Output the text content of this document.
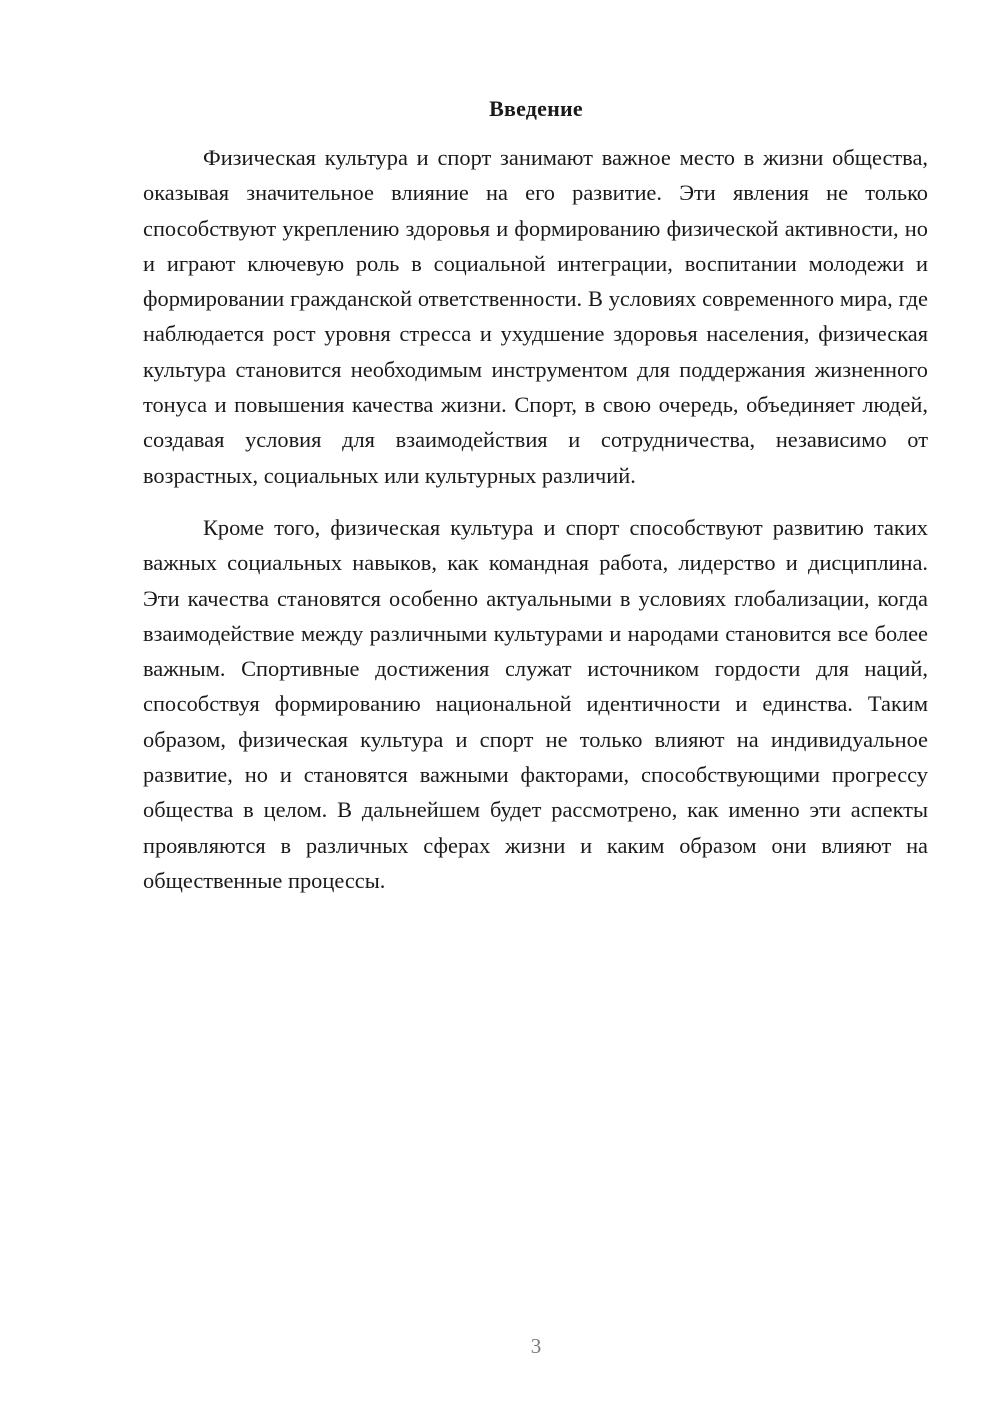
Введение

Физическая культура и спорт занимают важное место в жизни общества, оказывая значительное влияние на его развитие. Эти явления не только способствуют укреплению здоровья и формированию физической активности, но и играют ключевую роль в социальной интеграции, воспитании молодежи и формировании гражданской ответственности. В условиях современного мира, где наблюдается рост уровня стресса и ухудшение здоровья населения, физическая культура становится необходимым инструментом для поддержания жизненного тонуса и повышения качества жизни. Спорт, в свою очередь, объединяет людей, создавая условия для взаимодействия и сотрудничества, независимо от возрастных, социальных или культурных различий.

Кроме того, физическая культура и спорт способствуют развитию таких важных социальных навыков, как командная работа, лидерство и дисциплина. Эти качества становятся особенно актуальными в условиях глобализации, когда взаимодействие между различными культурами и народами становится все более важным. Спортивные достижения служат источником гордости для наций, способствуя формированию национальной идентичности и единства. Таким образом, физическая культура и спорт не только влияют на индивидуальное развитие, но и становятся важными факторами, способствующими прогрессу общества в целом. В дальнейшем будет рассмотрено, как именно эти аспекты проявляются в различных сферах жизни и каким образом они влияют на общественные процессы.

3
